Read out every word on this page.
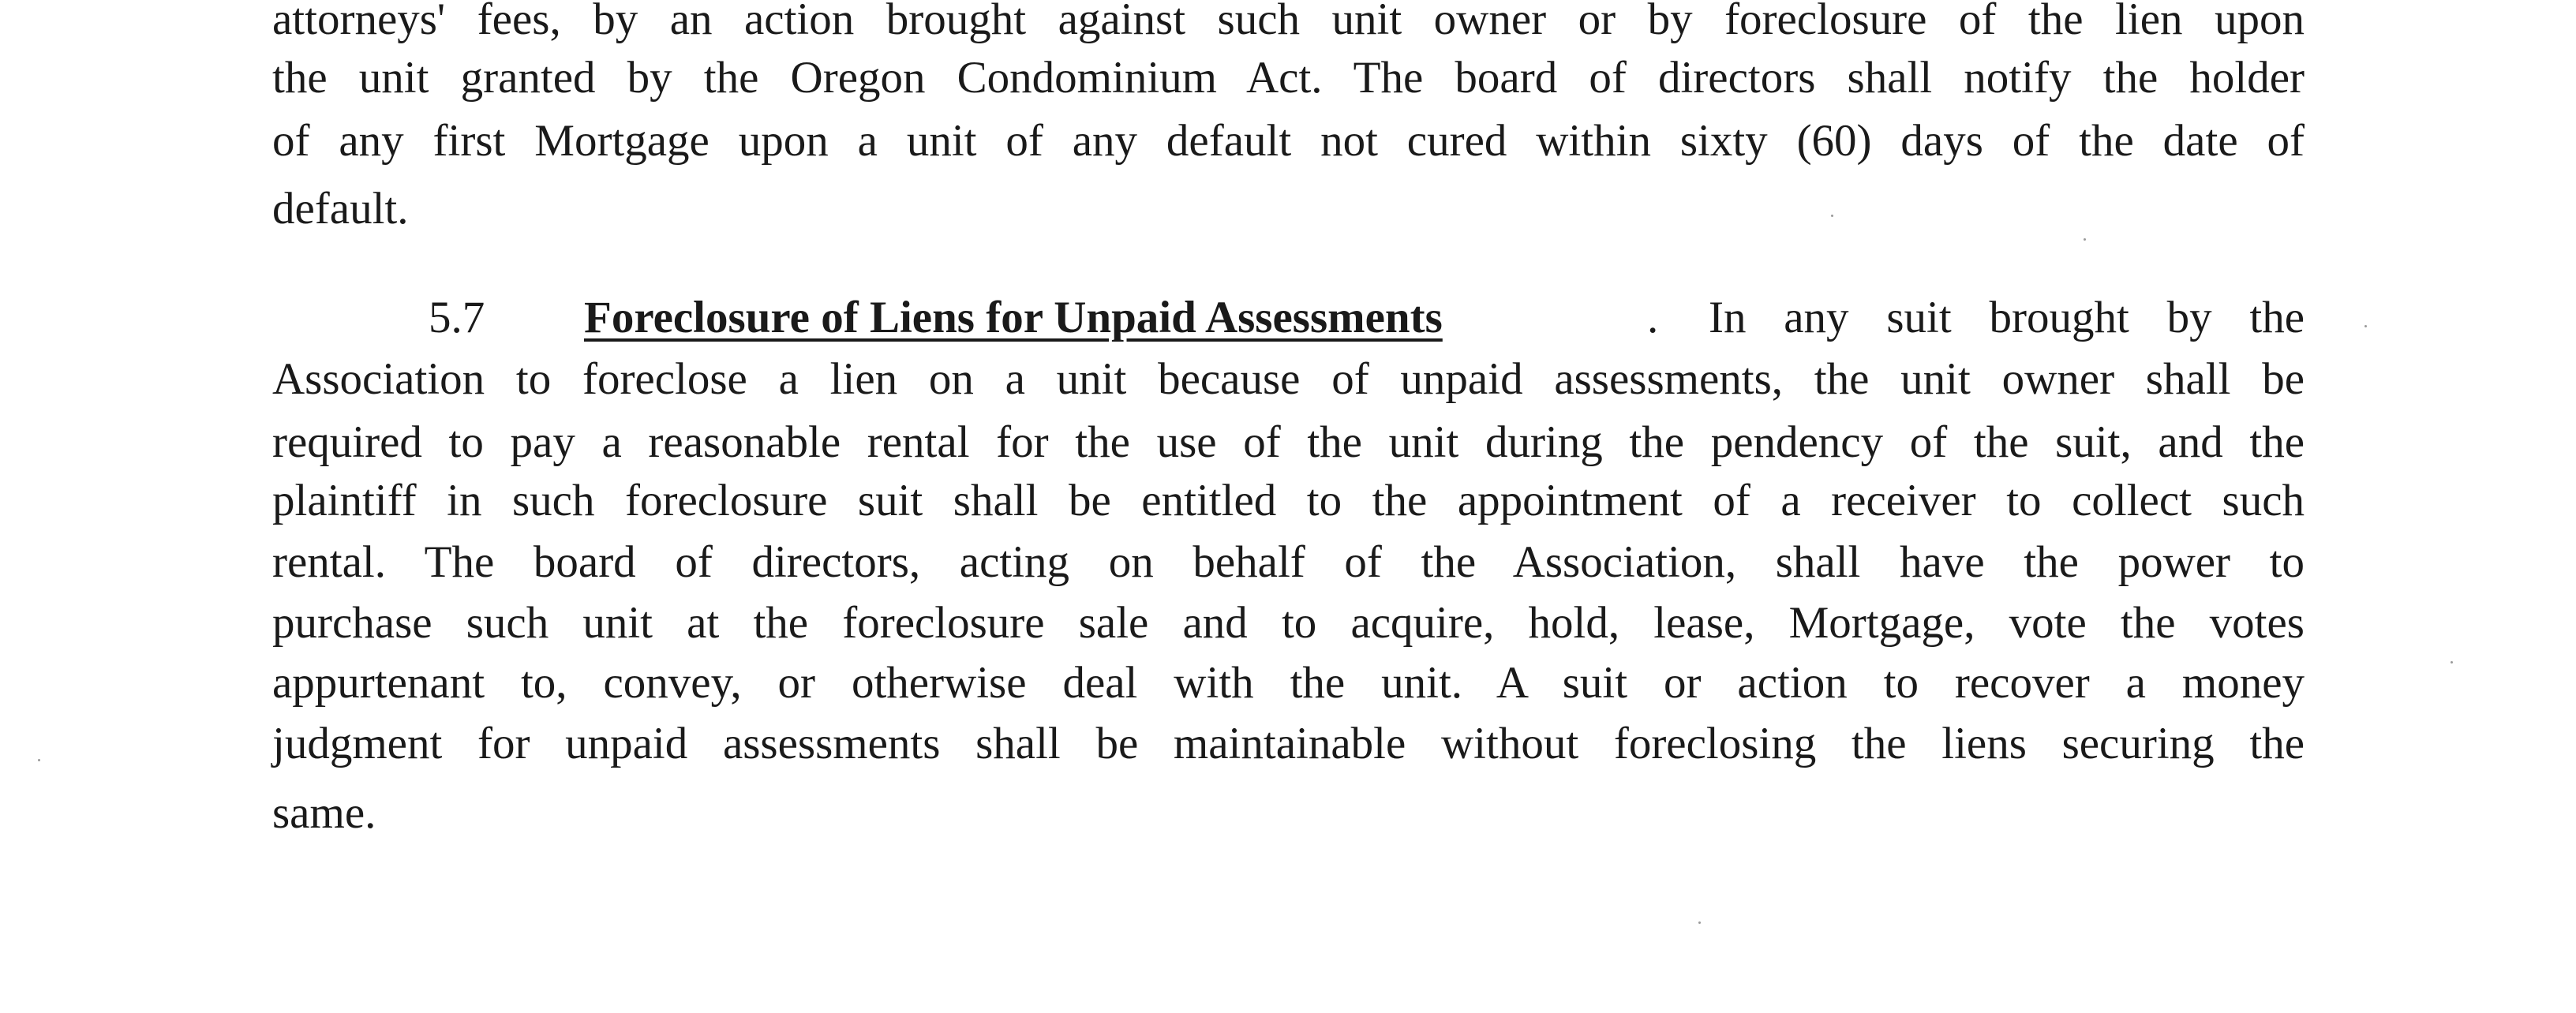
attorneys' fees, by an action brought against such unit owner or by foreclosure of the lien upon
the unit granted by the Oregon Condominium Act. The board of directors shall notify the holder
of any first Mortgage upon a unit of any default not cured within sixty (60) days of the date of
default.
5.7 Foreclosure of Liens for Unpaid Assessments	. In any suit brought by the
Association to foreclose a lien on a unit because of unpaid assessments, the unit owner shall be
required to pay a reasonable rental for the use of the unit during the pendency of the suit, and the
plaintiff in such foreclosure suit shall be entitled to the appointment of a receiver to collect such
rental. The board of directors, acting on behalf of the Association, shall have the power to
purchase such unit at the foreclosure sale and to acquire, hold, lease, Mortgage, vote the votes
appurtenant to, convey, or otherwise deal with the unit. A suit or action to recover a money
judgment for unpaid assessments shall be maintainable without foreclosing the liens securing the
same.
